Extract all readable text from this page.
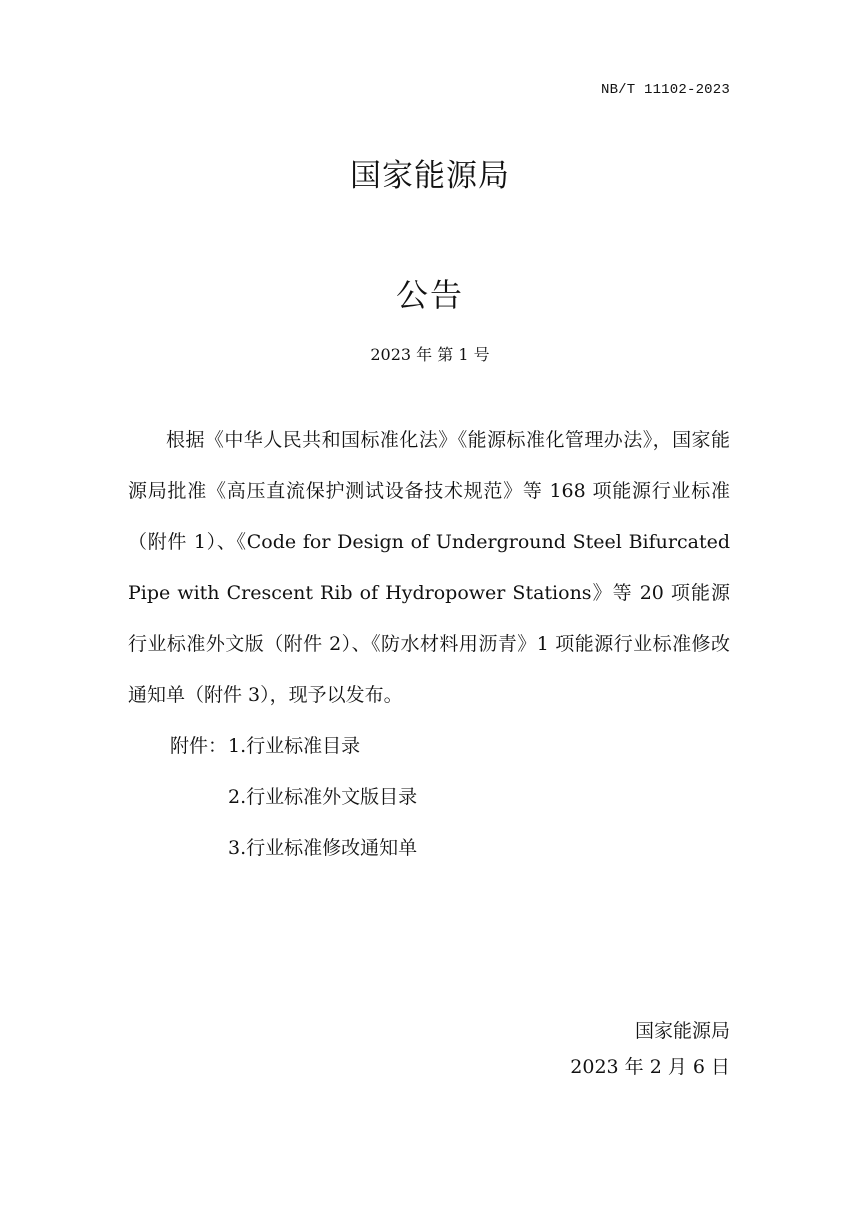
NB/T 11102-2023
国家能源局
公告
2023 年 第 1 号

根据《中华人民共和国标准化法》《能源标准化管理办法》，国家能源局批准《高压直流保护测试设备技术规范》等 168 项能源行业标准（附件 1）、《Code for Design of Underground Steel Bifurcated Pipe with Crescent Rib of Hydropower Stations》等 20 项能源行业标准外文版（附件 2）、《防水材料用沥青》1 项能源行业标准修改通知单（附件 3），现予以发布。

附件：1.行业标准目录
2.行业标准外文版目录
3.行业标准修改通知单
国家能源局
2023 年 2 月 6 日
